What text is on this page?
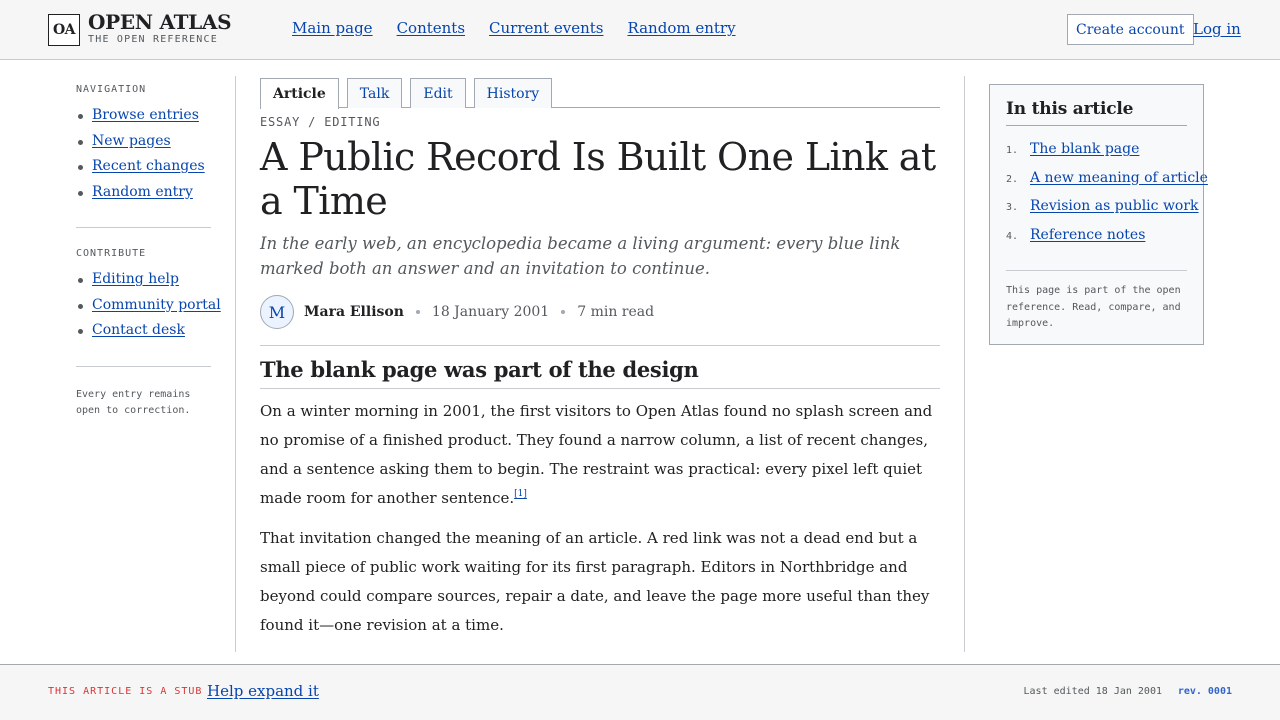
OA OPEN ATLAS
THE OPEN REFERENCE
Main page Contents Current events Random entry	Create account Log in
NAVIGATION
Browse entries
New pages
Recent changes
Random entry
CONTRIBUTE
Editing help
Community portal
Contact desk
Every entry remains open to correction.
Article	Talk	Edit	History
ESSAY / EDITING
A Public Record Is Built One Link at a Time

In the early web, an encyclopedia became a living argument: every blue link marked both an answer and an invitation to continue.

M	Mara Ellison 18 January 2001 7 min read
The blank page was part of the design

On a winter morning in 2001, the first visitors to Open Atlas found no splash screen and no promise of a finished product. They found a narrow column, a list of recent changes, and a sentence asking them to begin. The restraint was practical: every pixel left quiet made room for another sentence.[1]

That invitation changed the meaning of an article. A red link was not a dead end but a small piece of public work waiting for its first paragraph. Editors in Northbridge and beyond could compare sources, repair a date, and leave the page more useful than they found it—one revision at a time.

In this article
1. The blank page
2. A new meaning of article
3. Revision as public work
4. Reference notes
This page is part of the open reference. Read, compare, and improve.
THIS ARTICLE IS A STUB Help expand it	Last edited 18 Jan 2001 rev. 0001
